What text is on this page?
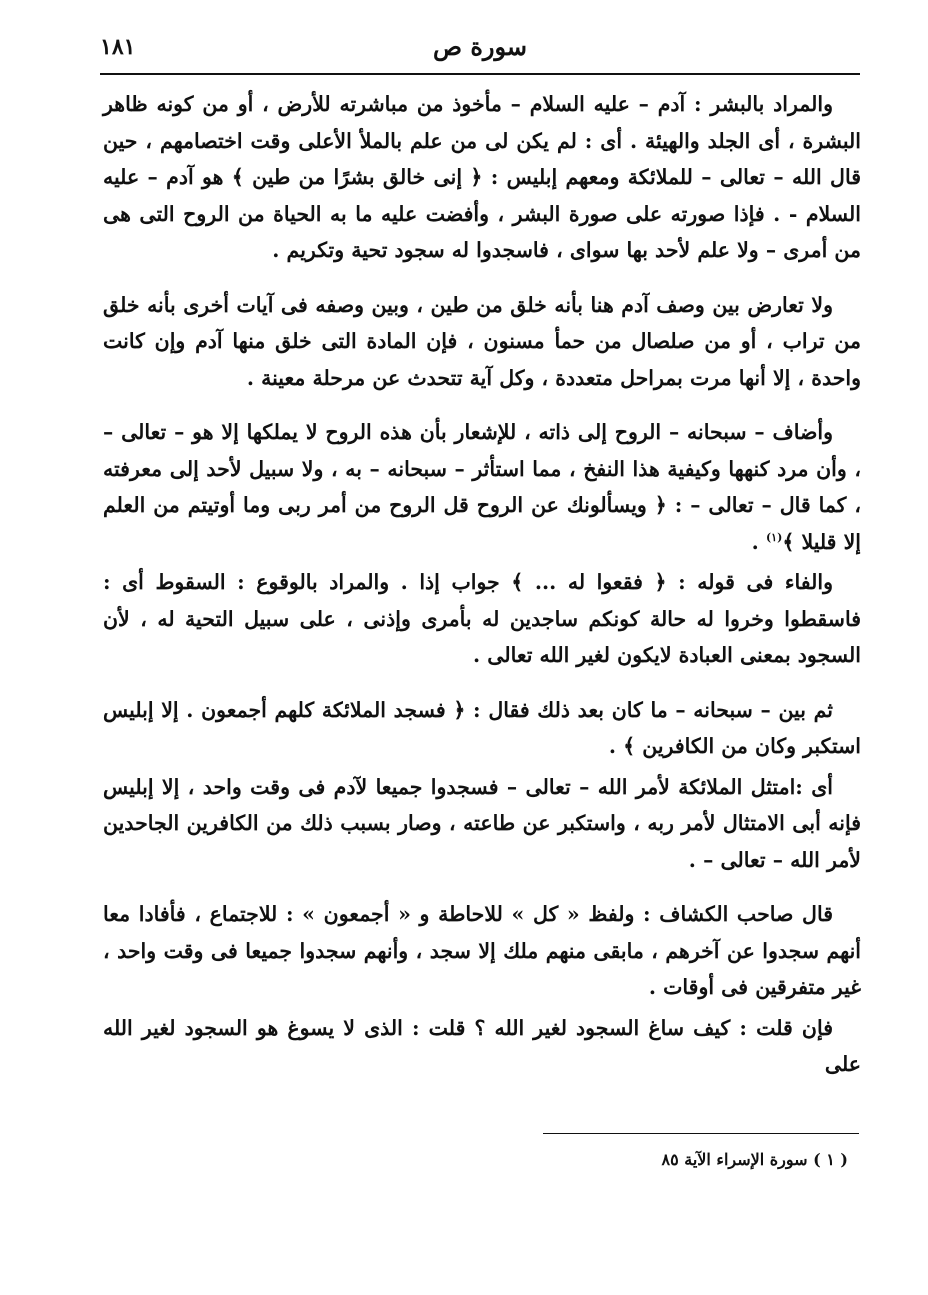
١٨١	سورة ص

والمراد بالبشر : آدم – عليه السلام – مأخوذ من مباشرته للأرض ، أو من كونه ظاهر البشرة ، أى الجلد والهيئة . أى : لم يكن لى من علم بالملأ الأعلى وقت اختصامهم ، حين قال الله – تعالى – للملائكة ومعهم إبليس : ﴿ إنى خالق بشرًا من طين ﴾ هو آدم – عليه السلام ‐ . فإذا صورته على صورة البشر ، وأفضت عليه ما به الحياة من الروح التى هى من أمرى – ولا علم لأحد بها سواى ، فاسجدوا له سجود تحية وتكريم .

ولا تعارض بين وصف آدم هنا بأنه خلق من طين ، وبين وصفه فى آيات أخرى بأنه خلق من تراب ، أو من صلصال من حمأ مسنون ، فإن المادة التى خلق منها آدم وإن كانت واحدة ، إلا أنها مرت بمراحل متعددة ، وكل آية تتحدث عن مرحلة معينة .

وأضاف – سبحانه – الروح إلى ذاته ، للإشعار بأن هذه الروح لا يملكها إلا هو – تعالى – ، وأن مرد كنهها وكيفية هذا النفخ ، مما استأثر – سبحانه – به ، ولا سبيل لأحد إلى معرفته ، كما قال – تعالى – : ﴿ ويسألونك عن الروح قل الروح من أمر ربى وما أوتيتم من العلم إلا قليلا ﴾$^{(١)}$ .

والفاء فى قوله : ﴿ فقعوا له ... ﴾ جواب إذا . والمراد بالوقوع : السقوط أى : فاسقطوا وخروا له حالة كونكم ساجدين له بأمرى وإذنى ، على سبيل التحية له ، لأن السجود بمعنى العبادة لايكون لغير الله تعالى .

ثم بين – سبحانه – ما كان بعد ذلك فقال : ﴿ فسجد الملائكة كلهم أجمعون . إلا إبليس استكبر وكان من الكافرين ﴾ .

أى :امتثل الملائكة لأمر الله – تعالى – فسجدوا جميعا لآدم فى وقت واحد ، إلا إبليس فإنه أبى الامتثال لأمر ربه ، واستكبر عن طاعته ، وصار بسبب ذلك من الكافرين الجاحدين لأمر الله – تعالى – .

قال صاحب الكشاف : ولفظ « كل » للاحاطة و « أجمعون » : للاجتماع ، فأفادا معا أنهم سجدوا عن آخرهم ، مابقى منهم ملك إلا سجد ، وأنهم سجدوا جميعا فى وقت واحد ، غير متفرقين فى أوقات .

فإن قلت : كيف ساغ السجود لغير الله ؟ قلت : الذى لا يسوغ هو السجود لغير الله على

( ١ ) سورة الإسراء الآية ٨٥
